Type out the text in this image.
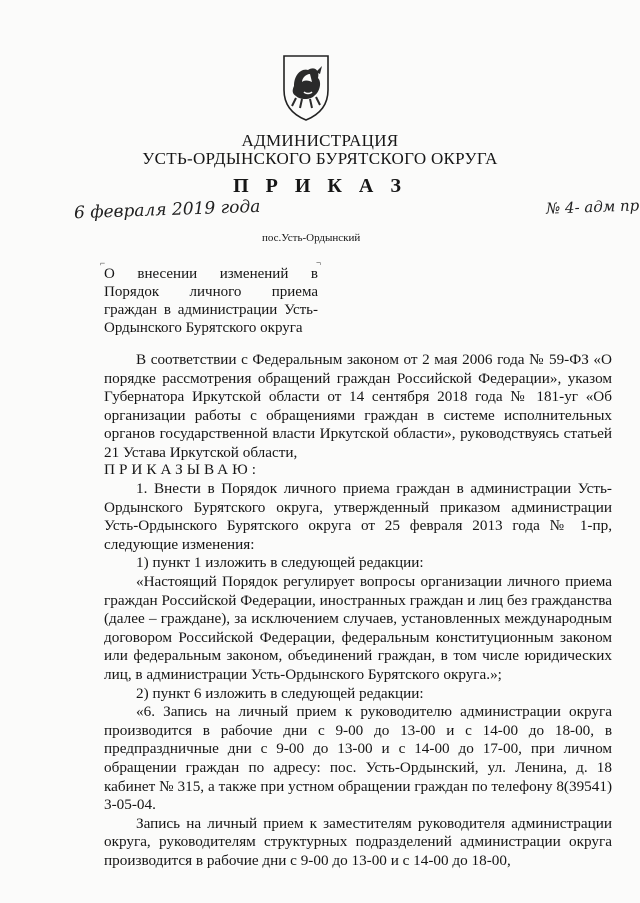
АДМИНИСТРАЦИЯ
УСТЬ-ОРДЫНСКОГО БУРЯТСКОГО ОКРУГА
П Р И К А З
6 февраля 2019 года	№ 4- адм пр
пос.Усть-Ордынский
⌐	¬
О внесении изменений в
Порядок личного приема
граждан в администрации Усть-
Ордынского Бурятского округа

В соответствии с Федеральным законом от 2 мая 2006 года № 59-ФЗ «О порядке рассмотрения обращений граждан Российской Федерации», указом Губернатора Иркутской области от 14 сентября 2018 года № 181-уг «Об организации работы с обращениями граждан в системе исполнительных органов государственной власти Иркутской области», руководствуясь статьей 21 Устава Иркутской области,

ПРИКАЗЫВАЮ:

1. Внести в Порядок личного приема граждан в администрации Усть-Ордынского Бурятского округа, утвержденный приказом администрации Усть-Ордынского Бурятского округа от 25 февраля 2013 года № 1-пр, следующие изменения:

1) пункт 1 изложить в следующей редакции:

«Настоящий Порядок регулирует вопросы организации личного приема граждан Российской Федерации, иностранных граждан и лиц без гражданства (далее – граждане), за исключением случаев, установленных международным договором Российской Федерации, федеральным конституционным законом или федеральным законом, объединений граждан, в том числе юридических лиц, в администрации Усть-Ордынского Бурятского округа.»;

2) пункт 6 изложить в следующей редакции:

«6. Запись на личный прием к руководителю администрации округа производится в рабочие дни с 9-00 до 13-00 и с 14-00 до 18-00, в предпраздничные дни с 9-00 до 13-00 и с 14-00 до 17-00, при личном обращении граждан по адресу: пос. Усть-Ордынский, ул. Ленина, д. 18 кабинет № 315, а также при устном обращении граждан по телефону 8(39541) 3-05-04.

Запись на личный прием к заместителям руководителя администрации округа, руководителям структурных подразделений администрации округа производится в рабочие дни с 9-00 до 13-00 и с 14-00 до 18-00,
